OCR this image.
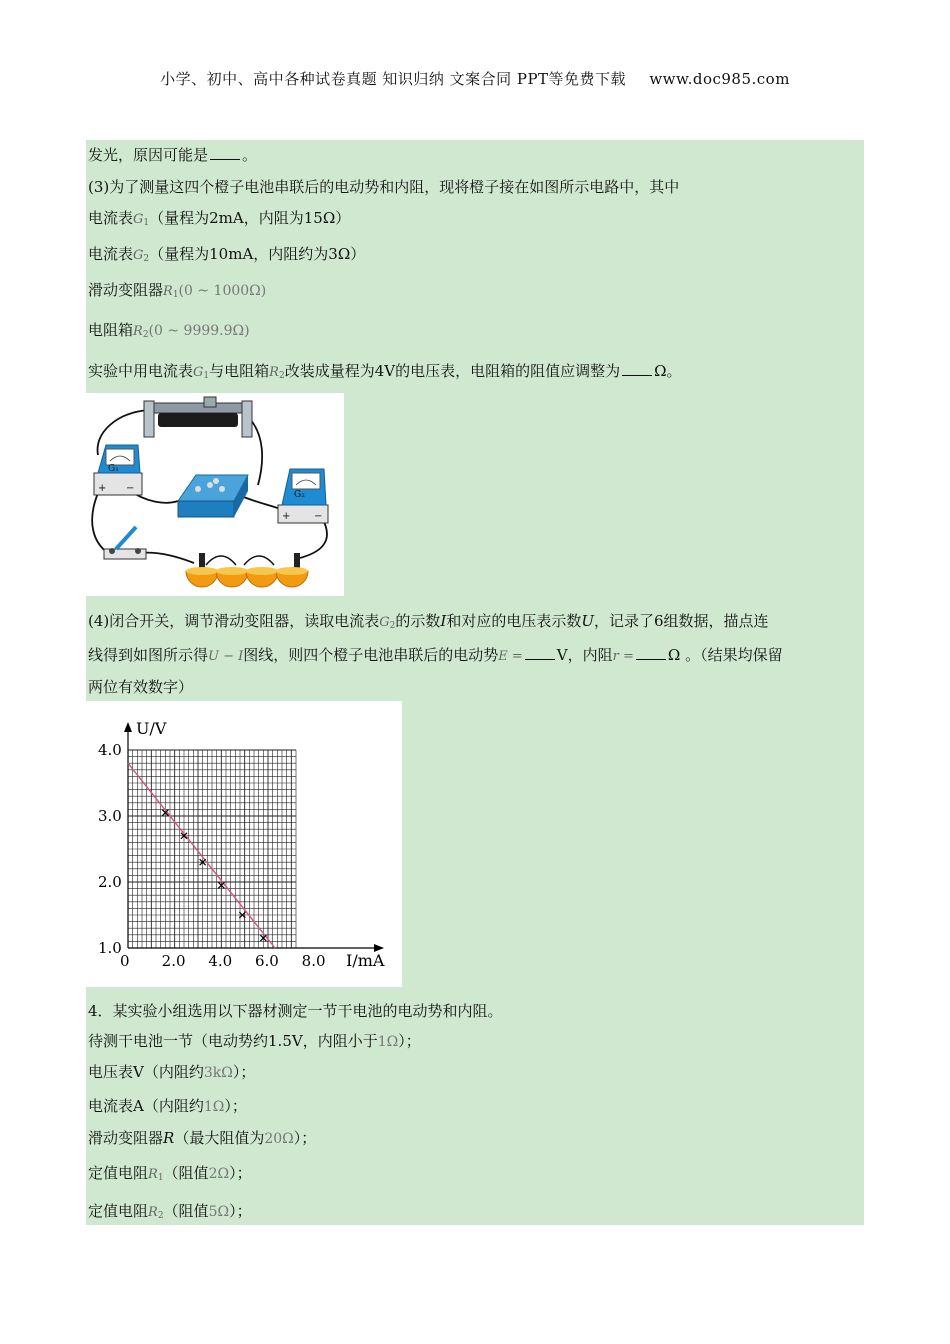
小学、初中、高中各种试卷真题 知识归纳 文案合同 PPT等免费下载 www.doc985.com
发光，原因可能是 。
(3)为了测量这四个橙子电池串联后的电动势和内阻，现将橙子接在如图所示电路中，其中
电流表$G_1$（量程为2mA，内阻为15Ω）
电流表$G_2$（量程为10mA，内阻约为3Ω）
滑动变阻器$R_1(0$ ~ 1000Ω)
电阻箱$R_2(0$ ~ 9999.9Ω)
实验中用电流表$G_1$与电阻箱$R_2$改装成量程为4V的电压表，电阻箱的阻值应调整为 Ω。
G₁
+ −
G₂
+ −
(4)闭合开关，调节滑动变阻器，读取电流表$G_2$的示数I和对应的电压表示数U，记录了6组数据，描点连
线得到如图所示得U − I图线，则四个橙子电池串联后的电动势E = V，内阻r = Ω 。（结果均保留
两位有效数字）
1.0
2.0
3.0
4.0
0 2.0 4.0 6.0 8.0
U/V
I/mA
4．某实验小组选用以下器材测定一节干电池的电动势和内阻。
待测干电池一节（电动势约1.5V，内阻小于1Ω）；
电压表V（内阻约3kΩ）；
电流表A（内阻约1Ω）；
滑动变阻器R（最大阻值为20Ω）；
定值电阻$R_1$（阻值2Ω）；
定值电阻$R_2$（阻值5Ω）；
